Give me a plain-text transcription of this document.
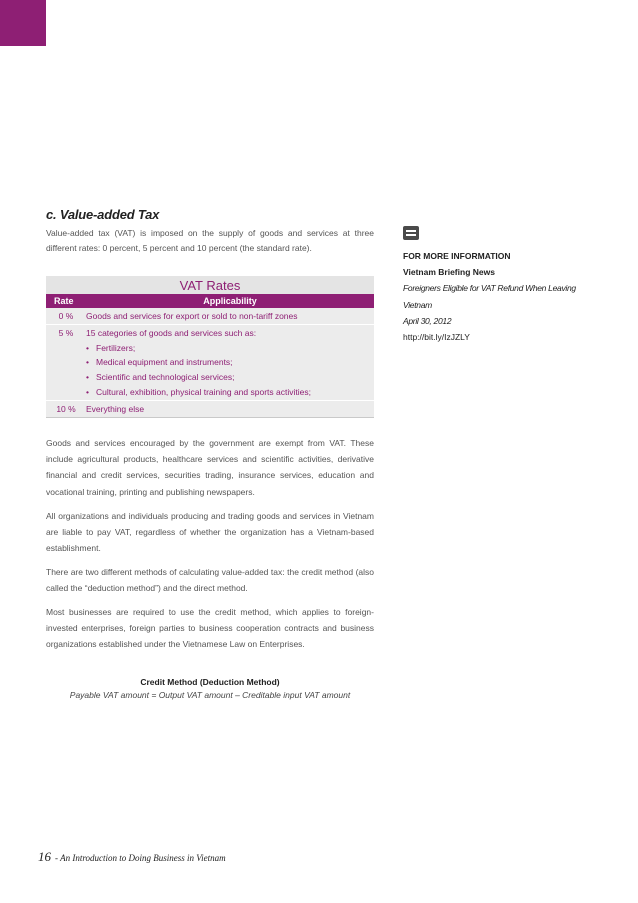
c. Value-added Tax
Value-added tax (VAT) is imposed on the supply of goods and services at three different rates: 0 percent, 5 percent and 10 percent (the standard rate).
VAT Rates
Rate	Applicability
0 %	Goods and services for export or sold to non-tariff zones
5 %	15 categories of goods and services such as:
• Fertilizers;
• Medical equipment and instruments;
• Scientific and technological services;
• Cultural, exhibition, physical training and sports activities;
10 %	Everything else
Goods and services encouraged by the government are exempt from VAT. These include agricultural products, healthcare services and scientific activities, derivative financial and credit services, securities trading, insurance services, education and vocational training, printing and publishing newspapers.
All organizations and individuals producing and trading goods and services in Vietnam are liable to pay VAT, regardless of whether the organization has a Vietnam-based establishment.
There are two different methods of calculating value-added tax: the credit method (also called the “deduction method”) and the direct method.
Most businesses are required to use the credit method, which applies to foreign-invested enterprises, foreign parties to business cooperation contracts and business organizations established under the Vietnamese Law on Enterprises.
Credit Method (Deduction Method)
Payable VAT amount = Output VAT amount – Creditable input VAT amount
FOR MORE INFORMATION
Vietnam Briefing News
Foreigners Eligible for VAT Refund When Leaving Vietnam
April 30, 2012
http://bit.ly/IzJZLY
16 - An Introduction to Doing Business in Vietnam
